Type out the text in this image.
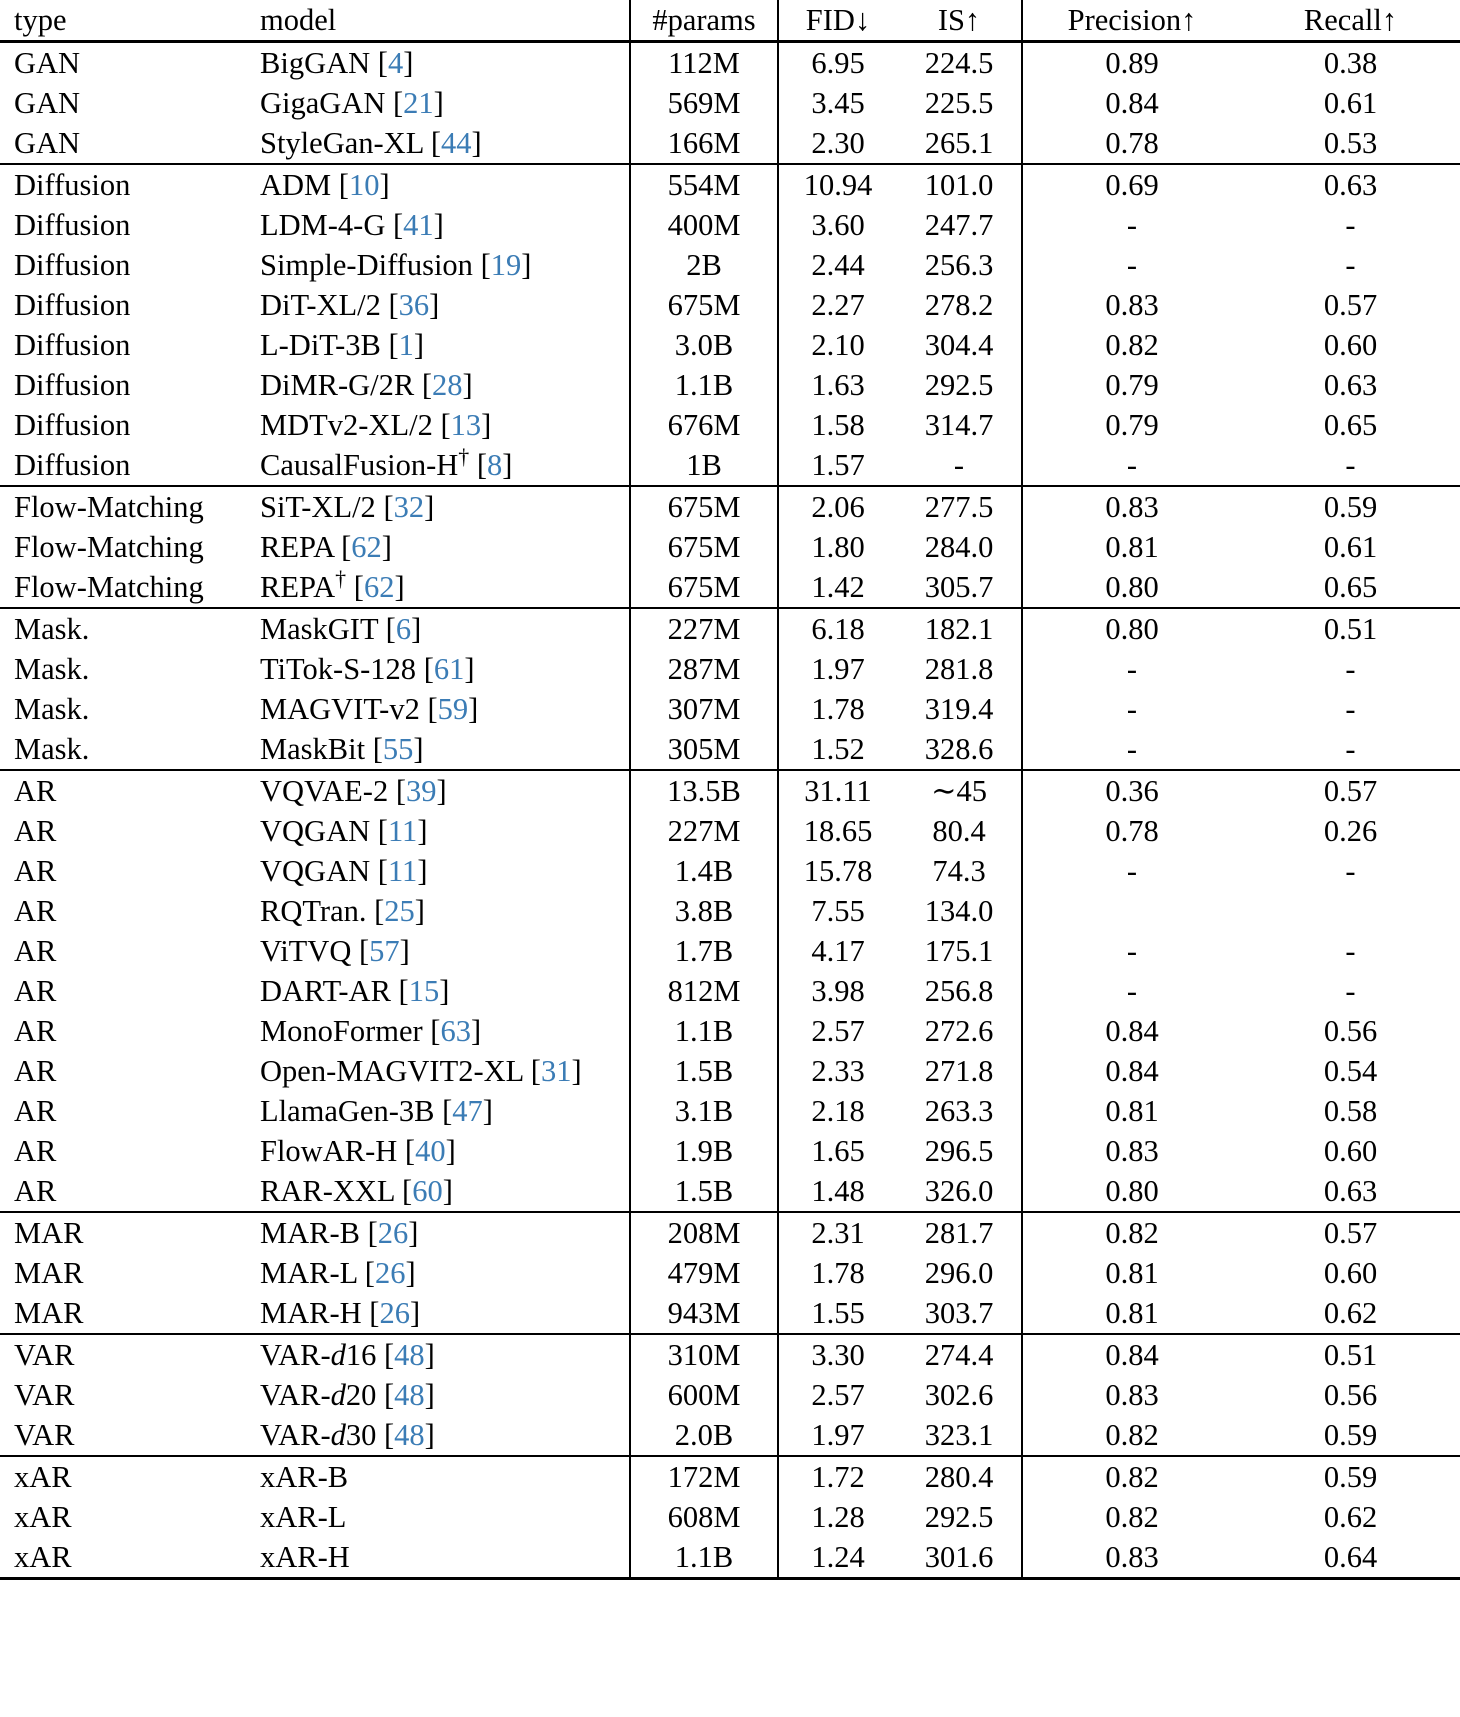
type	model	#params	FID↓	IS↑	Precision↑	Recall↑

GAN	BigGAN [4]	112M	6.95	224.5	0.89	0.38

GAN	GigaGAN [21]	569M	3.45	225.5	0.84	0.61

GAN	StyleGan-XL [44]	166M	2.30	265.1	0.78	0.53

Diffusion	ADM [10]	554M	10.94	101.0	0.69	0.63

Diffusion	LDM-4-G [41]	400M	3.60	247.7	-	-

Diffusion	Simple-Diffusion [19]	2B	2.44	256.3	-	-

Diffusion	DiT-XL/2 [36]	675M	2.27	278.2	0.83	0.57

Diffusion	L-DiT-3B [1]	3.0B	2.10	304.4	0.82	0.60

Diffusion	DiMR-G/2R [28]	1.1B	1.63	292.5	0.79	0.63

Diffusion	MDTv2-XL/2 [13]	676M	1.58	314.7	0.79	0.65

Diffusion	CausalFusion-H† [8]	1B	1.57	-	-	-

Flow-Matching	SiT-XL/2 [32]	675M	2.06	277.5	0.83	0.59

Flow-Matching	REPA [62]	675M	1.80	284.0	0.81	0.61

Flow-Matching	REPA† [62]	675M	1.42	305.7	0.80	0.65

Mask.	MaskGIT [6]	227M	6.18	182.1	0.80	0.51

Mask.	TiTok-S-128 [61]	287M	1.97	281.8	-	-

Mask.	MAGVIT-v2 [59]	307M	1.78	319.4	-	-

Mask.	MaskBit [55]	305M	1.52	328.6	-	-

AR	VQVAE-2 [39]	13.5B	31.11	∼45	0.36	0.57

AR	VQGAN [11]	227M	18.65	80.4	0.78	0.26

AR	VQGAN [11]	1.4B	15.78	74.3	-	-

AR	RQTran. [25]	3.8B	7.55	134.0		

AR	ViTVQ [57]	1.7B	4.17	175.1	-	-

AR	DART-AR [15]	812M	3.98	256.8	-	-

AR	MonoFormer [63]	1.1B	2.57	272.6	0.84	0.56

AR	Open-MAGVIT2-XL [31]	1.5B	2.33	271.8	0.84	0.54

AR	LlamaGen-3B [47]	3.1B	2.18	263.3	0.81	0.58

AR	FlowAR-H [40]	1.9B	1.65	296.5	0.83	0.60

AR	RAR-XXL [60]	1.5B	1.48	326.0	0.80	0.63

MAR	MAR-B [26]	208M	2.31	281.7	0.82	0.57

MAR	MAR-L [26]	479M	1.78	296.0	0.81	0.60

MAR	MAR-H [26]	943M	1.55	303.7	0.81	0.62

VAR	VAR-d16 [48]	310M	3.30	274.4	0.84	0.51

VAR	VAR-d20 [48]	600M	2.57	302.6	0.83	0.56

VAR	VAR-d30 [48]	2.0B	1.97	323.1	0.82	0.59

xAR	xAR-B	172M	1.72	280.4	0.82	0.59

xAR	xAR-L	608M	1.28	292.5	0.82	0.62

xAR	xAR-H	1.1B	1.24	301.6	0.83	0.64
